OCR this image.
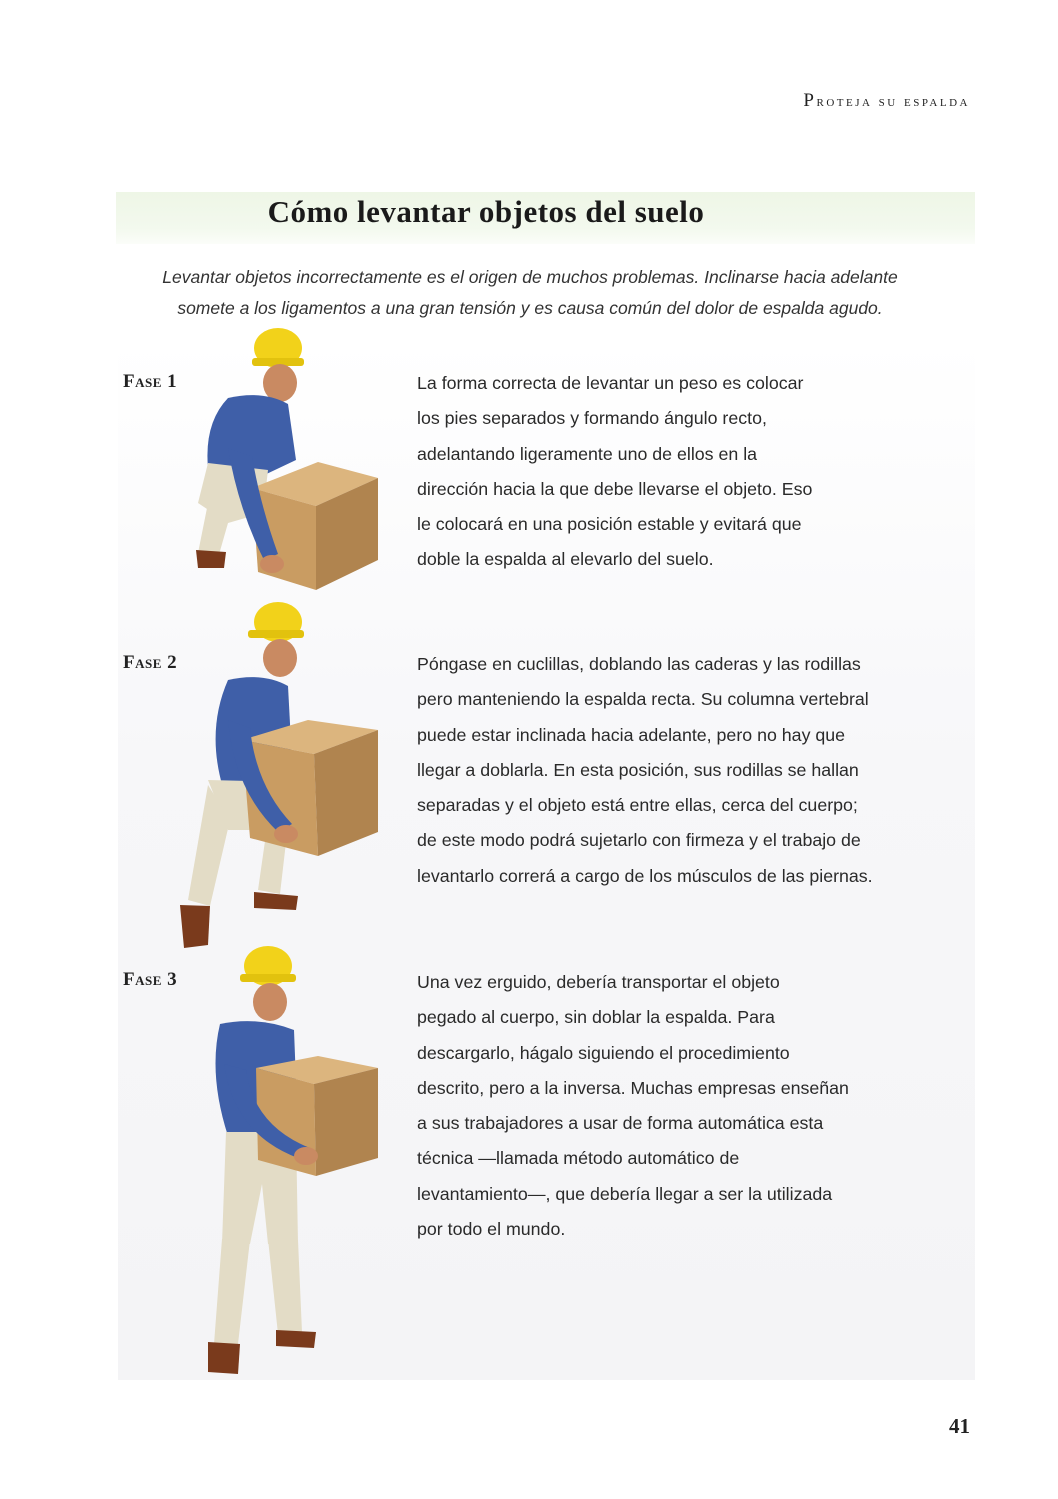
Proteja su espalda
Cómo levantar objetos del suelo
Levantar objetos incorrectamente es el origen de muchos problemas. Inclinarse hacia adelante
somete a los ligamentos a una gran tensión y es causa común del dolor de espalda agudo.
Fase 1	La forma correcta de levantar un peso es colocar

los pies separados y formando ángulo recto,

adelantando ligeramente uno de ellos en la

dirección hacia la que debe llevarse el objeto. Eso

le colocará en una posición estable y evitará que

doble la espalda al elevarlo del suelo.

Fase 2	Póngase en cuclillas, doblando las caderas y las rodillas

pero manteniendo la espalda recta. Su columna vertebral

puede estar inclinada hacia adelante, pero no hay que

llegar a doblarla. En esta posición, sus rodillas se hallan

separadas y el objeto está entre ellas, cerca del cuerpo;

de este modo podrá sujetarlo con firmeza y el trabajo de

levantarlo correrá a cargo de los músculos de las piernas.

Fase 3	Una vez erguido, debería transportar el objeto

pegado al cuerpo, sin doblar la espalda. Para

descargarlo, hágalo siguiendo el procedimiento

descrito, pero a la inversa. Muchas empresas enseñan

a sus trabajadores a usar de forma automática esta

técnica —llamada método automático de

levantamiento—, que debería llegar a ser la utilizada

por todo el mundo.

41
